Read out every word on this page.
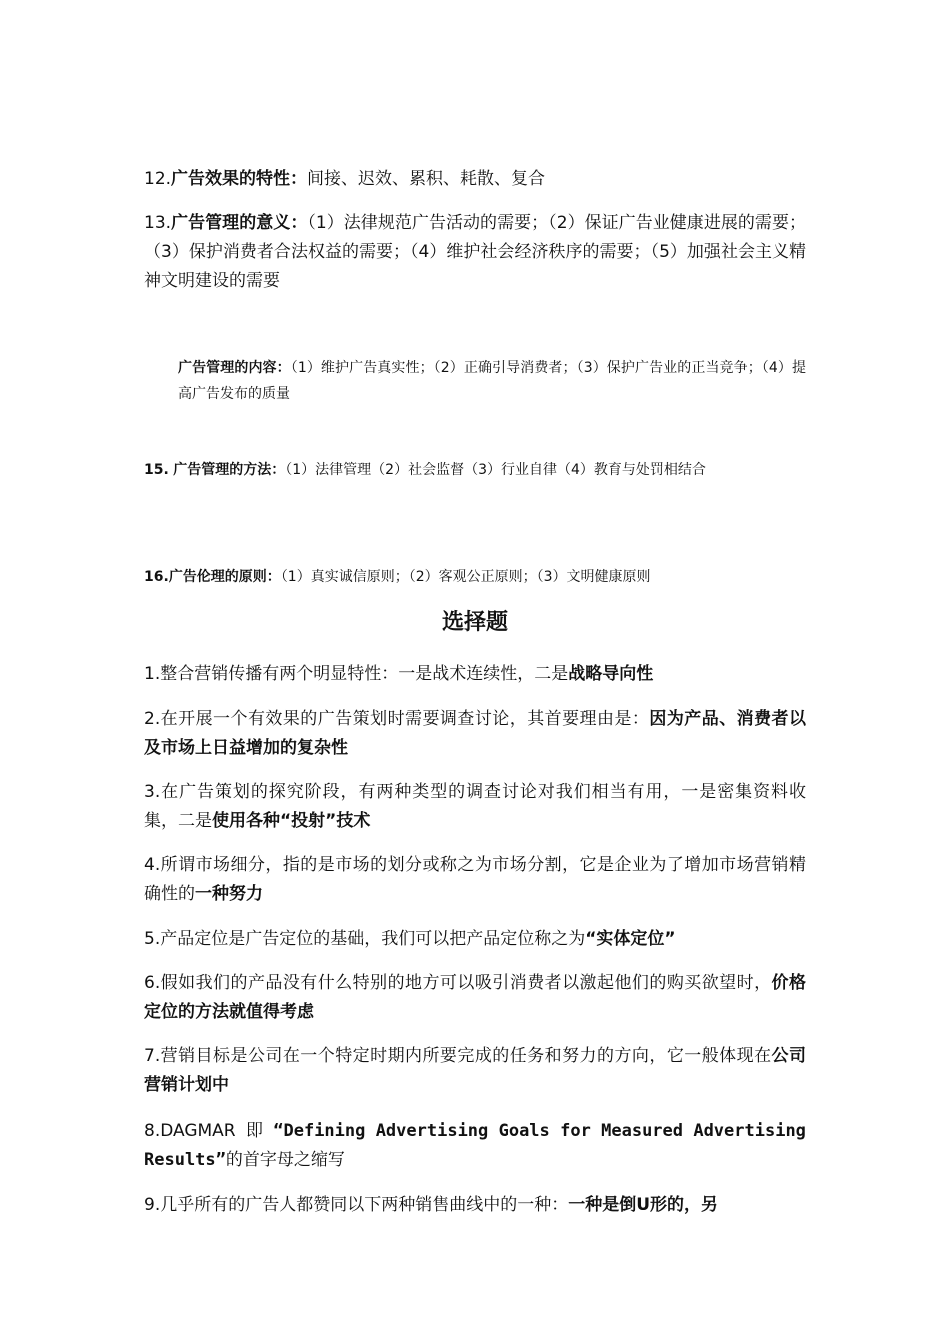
12.广告效果的特性：间接、迟效、累积、耗散、复合

13.广告管理的意义：（1）法律规范广告活动的需要；（2）保证广告业健康进展的需要；（3）保护消费者合法权益的需要；（4）维护社会经济秩序的需要；（5）加强社会主义精神文明建设的需要

广告管理的内容：（1）维护广告真实性；（2）正确引导消费者；（3）保护广告业的正当竞争；（4）提高广告发布的质量

15. 广告管理的方法：（1）法律管理（2）社会监督（3）行业自律（4）教育与处罚相结合

16.广告伦理的原则：（1）真实诚信原则；（2）客观公正原则；（3）文明健康原则

选择题

1.整合营销传播有两个明显特性：一是战术连续性，二是战略导向性

2.在开展一个有效果的广告策划时需要调查讨论，其首要理由是：因为产品、消费者以及市场上日益增加的复杂性

3.在广告策划的探究阶段，有两种类型的调查讨论对我们相当有用，一是密集资料收集，二是使用各种“投射”技术

4.所谓市场细分，指的是市场的划分或称之为市场分割，它是企业为了增加市场营销精确性的一种努力

5.产品定位是广告定位的基础，我们可以把产品定位称之为“实体定位”

6.假如我们的产品没有什么特别的地方可以吸引消费者以激起他们的购买欲望时，价格定位的方法就值得考虑

7.营销目标是公司在一个特定时期内所要完成的任务和努力的方向，它一般体现在公司营销计划中

8.DAGMAR 即 “Defining Advertising Goals for Measured Advertising
Results”的首字母之缩写

9.几乎所有的广告人都赞同以下两种销售曲线中的一种：一种是倒U形的，另
